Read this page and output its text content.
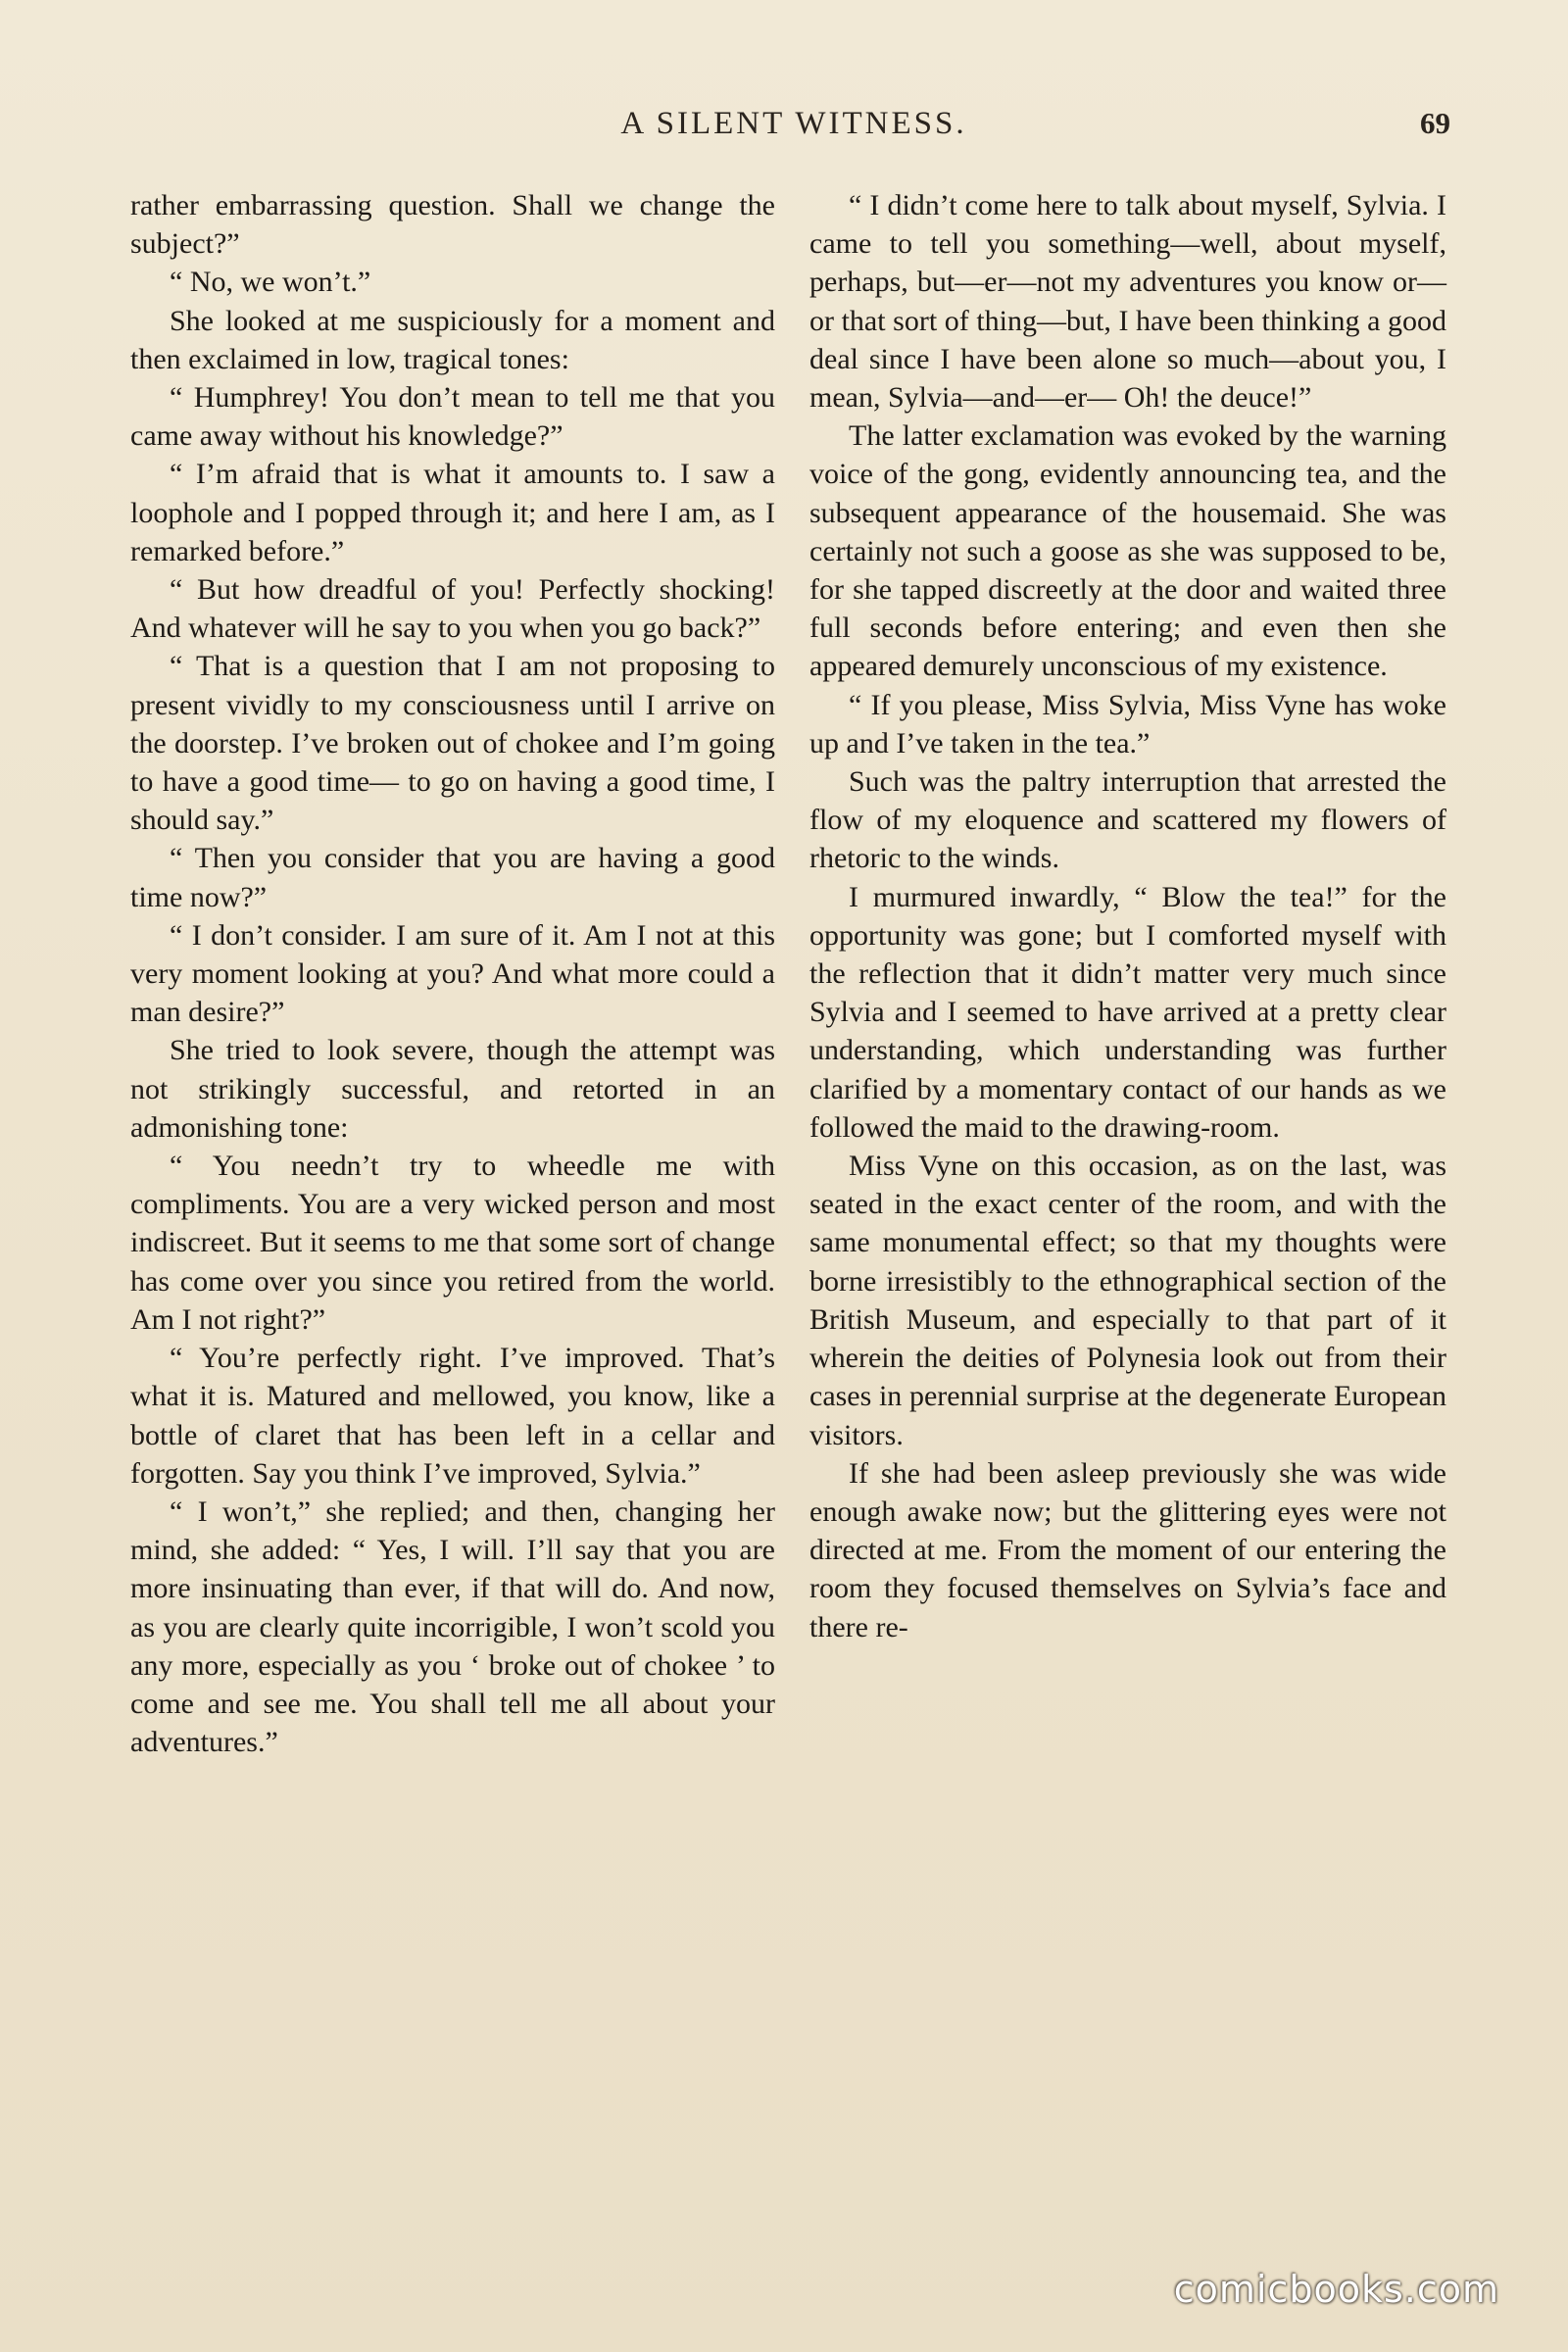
A SILENT WITNESS.	69

rather embarrassing question. Shall we change the subject?”

“ No, we won’t.”

She looked at me suspiciously for a moment and then exclaimed in low, tragical tones:

“ Humphrey! You don’t mean to tell me that you came away without his knowledge?”

“ I’m afraid that is what it amounts to. I saw a loophole and I popped through it; and here I am, as I remarked before.”

“ But how dreadful of you! Perfectly shocking! And whatever will he say to you when you go back?”

“ That is a question that I am not proposing to present vividly to my consciousness until I arrive on the doorstep. I’ve broken out of chokee and I’m going to have a good time— to go on having a good time, I should say.”

“ Then you consider that you are having a good time now?”

“ I don’t consider. I am sure of it. Am I not at this very moment looking at you? And what more could a man desire?”

She tried to look severe, though the attempt was not strikingly successful, and retorted in an admonishing tone:

“ You needn’t try to wheedle me with compliments. You are a very wicked person and most indiscreet. But it seems to me that some sort of change has come over you since you retired from the world. Am I not right?”

“ You’re perfectly right. I’ve improved. That’s what it is. Matured and mellowed, you know, like a bottle of claret that has been left in a cellar and forgotten. Say you think I’ve improved, Sylvia.”

“ I won’t,” she replied; and then, changing her mind, she added: “ Yes, I will. I’ll say that you are more insinuating than ever, if that will do. And now, as you are clearly quite incorrigible, I won’t scold you any more, especially as you ‘ broke out of chokee ’ to come and see me. You shall tell me all about your adventures.”

“ I didn’t come here to talk about myself, Sylvia. I came to tell you something—well, about myself, perhaps, but—er—not my adventures you know or—or that sort of thing—but, I have been thinking a good deal since I have been alone so much—about you, I mean, Sylvia—and—er— Oh! the deuce!”

The latter exclamation was evoked by the warning voice of the gong, evidently announcing tea, and the subsequent appearance of the housemaid. She was certainly not such a goose as she was supposed to be, for she tapped discreetly at the door and waited three full seconds before entering; and even then she appeared demurely unconscious of my existence.

“ If you please, Miss Sylvia, Miss Vyne has woke up and I’ve taken in the tea.”

Such was the paltry interruption that arrested the flow of my eloquence and scattered my flowers of rhetoric to the winds.

I murmured inwardly, “ Blow the tea!” for the opportunity was gone; but I comforted myself with the reflection that it didn’t matter very much since Sylvia and I seemed to have arrived at a pretty clear understanding, which understanding was further clarified by a momentary contact of our hands as we followed the maid to the drawing-room.

Miss Vyne on this occasion, as on the last, was seated in the exact center of the room, and with the same monumental effect; so that my thoughts were borne irresistibly to the ethnographical section of the British Museum, and especially to that part of it wherein the deities of Polynesia look out from their cases in perennial surprise at the degenerate European visitors.

If she had been asleep previously she was wide enough awake now; but the glittering eyes were not directed at me. From the moment of our entering the room they focused themselves on Sylvia’s face and there re-

comicbooks.com
